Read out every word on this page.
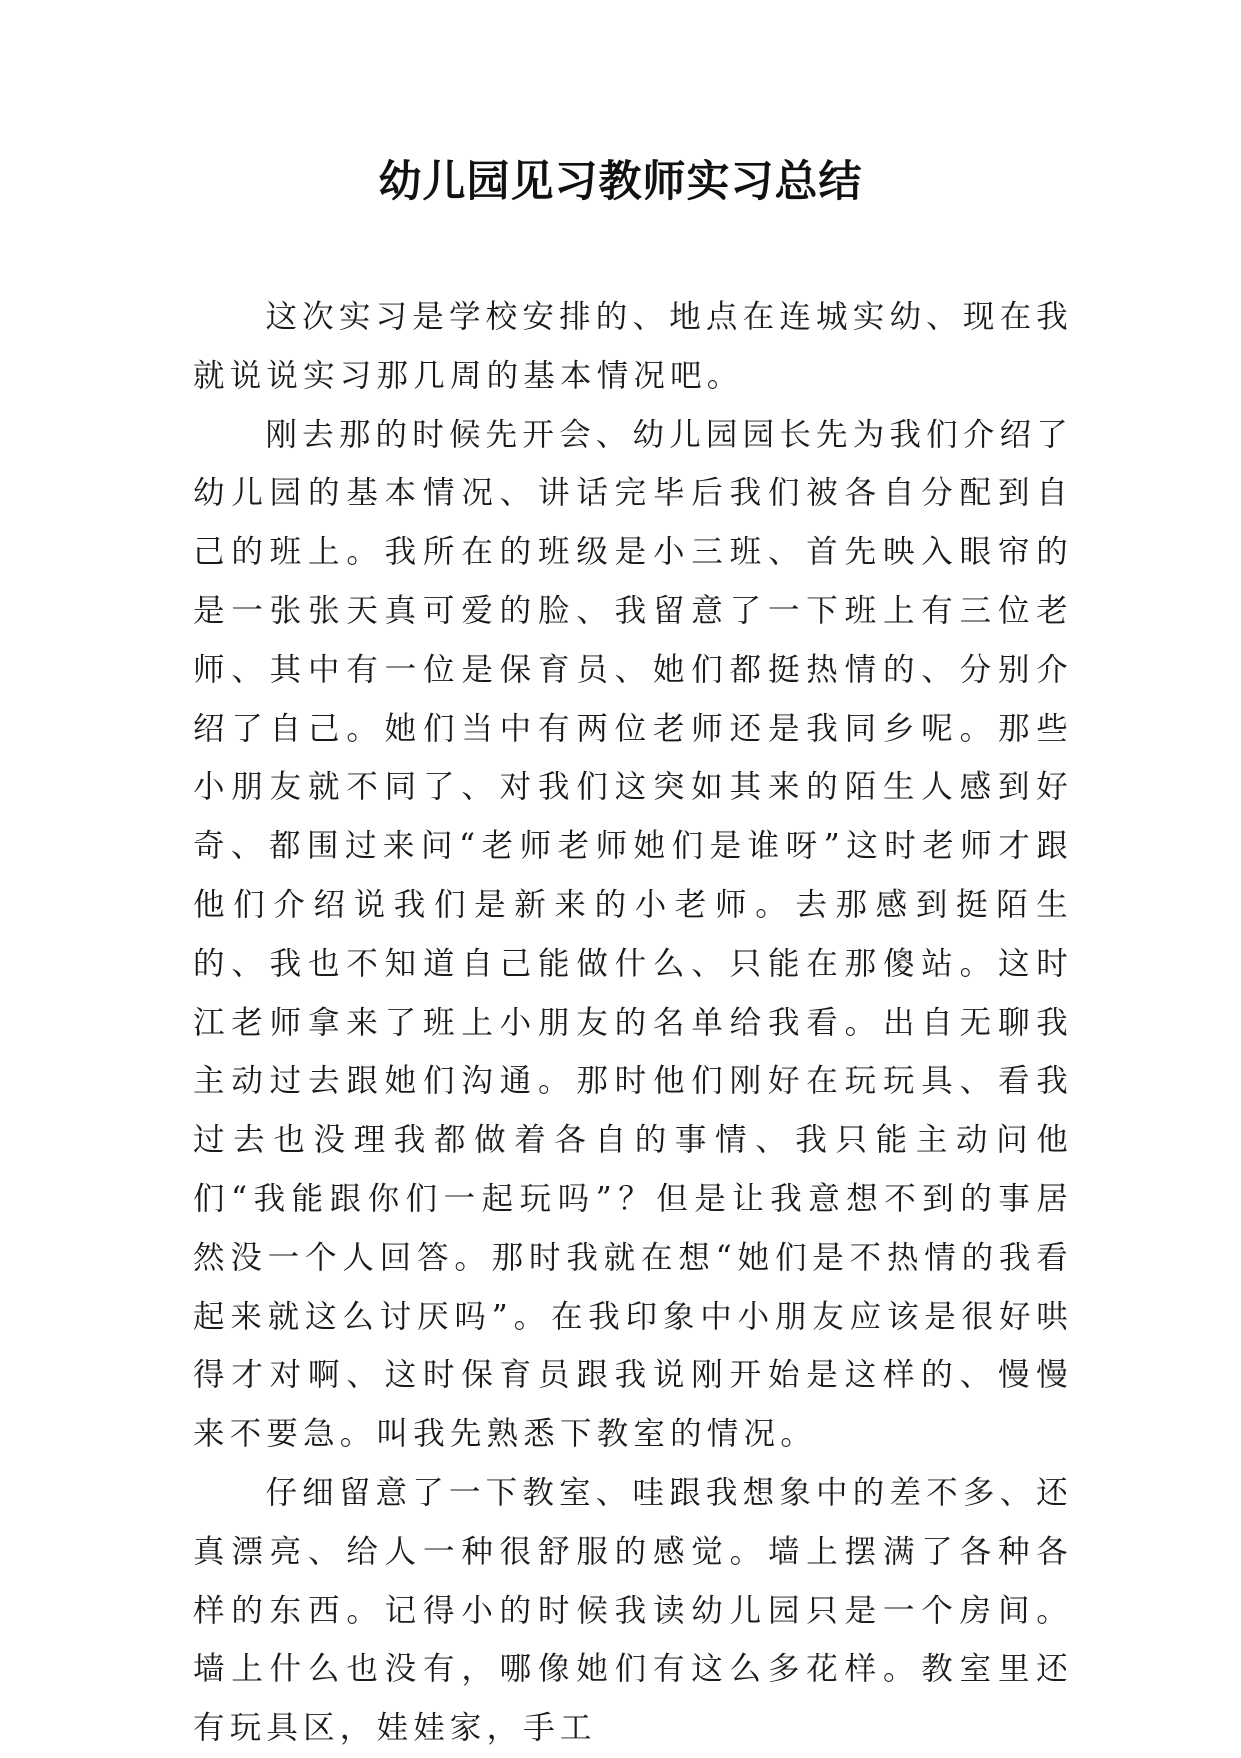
幼儿园见习教师实习总结

这次实习是学校安排的、地点在连城实幼、现在我就说说实习那几周的基本情况吧。

刚去那的时候先开会、幼儿园园长先为我们介绍了幼儿园的基本情况、讲话完毕后我们被各自分配到自己的班上。我所在的班级是小三班、首先映入眼帘的是一张张天真可爱的脸、我留意了一下班上有三位老师、其中有一位是保育员、她们都挺热情的、分别介绍了自己。她们当中有两位老师还是我同乡呢。那些小朋友就不同了、对我们这突如其来的陌生人感到好奇、都围过来问“老师老师她们是谁呀”这时老师才跟他们介绍说我们是新来的小老师。去那感到挺陌生的、我也不知道自己能做什么、只能在那傻站。这时江老师拿来了班上小朋友的名单给我看。出自无聊我主动过去跟她们沟通。那时他们刚好在玩玩具、看我过去也没理我都做着各自的事情、我只能主动问他们“我能跟你们一起玩吗”？但是让我意想不到的事居然没一个人回答。那时我就在想“她们是不热情的我看起来就这么讨厌吗”。在我印象中小朋友应该是很好哄得才对啊、这时保育员跟我说刚开始是这样的、慢慢来不要急。叫我先熟悉下教室的情况。

仔细留意了一下教室、哇跟我想象中的差不多、还真漂亮、给人一种很舒服的感觉。墙上摆满了各种各样的东西。记得小的时候我读幼儿园只是一个房间。墙上什么也没有，哪像她们有这么多花样。教室里还有玩具区，娃娃家，手工
